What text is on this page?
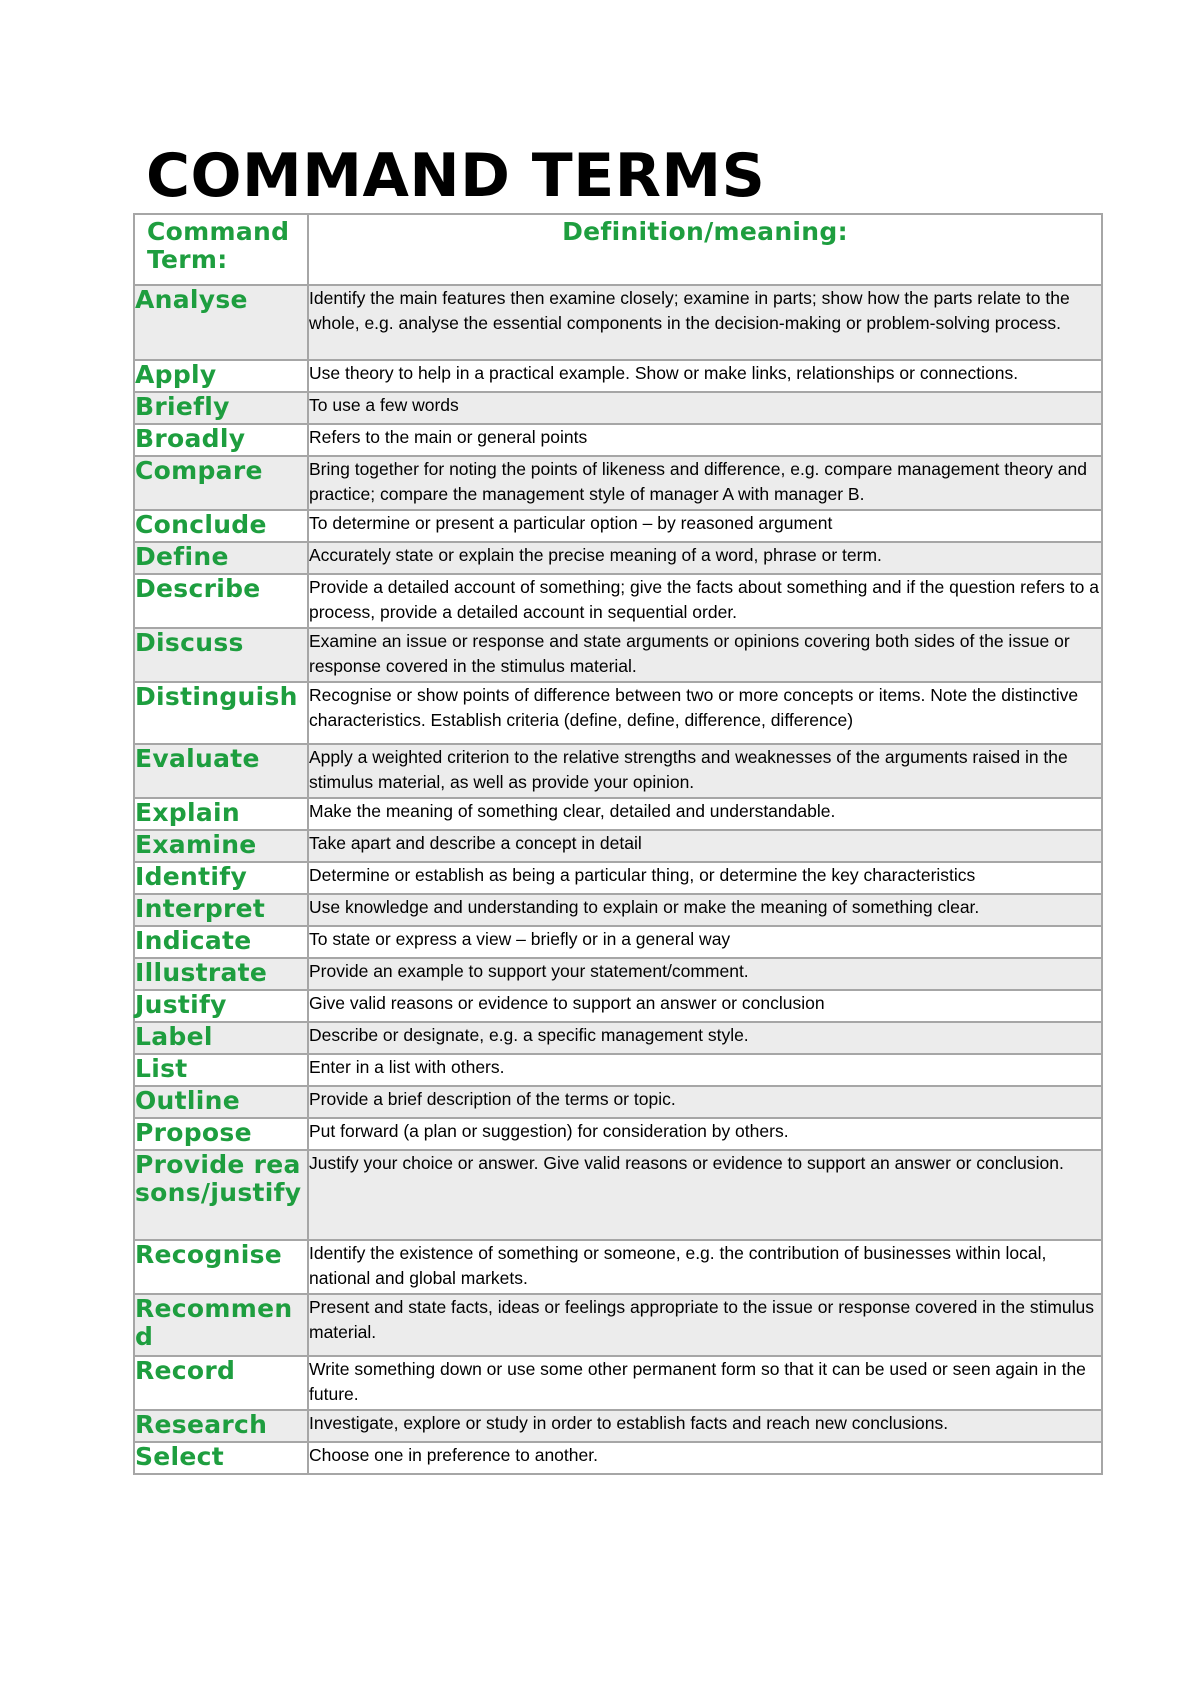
COMMAND TERMS
Command Term:	Definition/meaning:
Analyse	Identify the main features then examine closely; examine in parts; show how the parts relate to the whole, e.g. analyse the essential components in the decision-making or problem-solving process.
Apply	Use theory to help in a practical example. Show or make links, relationships or connections.
Briefly	To use a few words
Broadly	Refers to the main or general points
Compare	Bring together for noting the points of likeness and difference, e.g. compare management theory and practice; compare the management style of manager A with manager B.
Conclude	To determine or present a particular option – by reasoned argument
Define	Accurately state or explain the precise meaning of a word, phrase or term.
Describe	Provide a detailed account of something; give the facts about something and if the question refers to a process, provide a detailed account in sequential order.
Discuss	Examine an issue or response and state arguments or opinions covering both sides of the issue or response covered in the stimulus material.
Distinguish	Recognise or show points of difference between two or more concepts or items. Note the distinctive characteristics. Establish criteria (define, define, difference, difference)
Evaluate	Apply a weighted criterion to the relative strengths and weaknesses of the arguments raised in the stimulus material, as well as provide your opinion.
Explain	Make the meaning of something clear, detailed and understandable.
Examine	Take apart and describe a concept in detail
Identify	Determine or establish as being a particular thing, or determine the key characteristics
Interpret	Use knowledge and understanding to explain or make the meaning of something clear.
Indicate	To state or express a view – briefly or in a general way
Illustrate	Provide an example to support your statement/comment.
Justify	Give valid reasons or evidence to support an answer or conclusion
Label	Describe or designate, e.g. a specific management style.
List	Enter in a list with others.
Outline	Provide a brief description of the terms or topic.
Propose	Put forward (a plan or suggestion) for consideration by others.
Provide reasons/justify	Justify your choice or answer. Give valid reasons or evidence to support an answer or conclusion.
Recognise	Identify the existence of something or someone, e.g. the contribution of businesses within local, national and global markets.
Recommend	Present and state facts, ideas or feelings appropriate to the issue or response covered in the stimulus material.
Record	Write something down or use some other permanent form so that it can be used or seen again in the future.
Research	Investigate, explore or study in order to establish facts and reach new conclusions.
Select	Choose one in preference to another.
